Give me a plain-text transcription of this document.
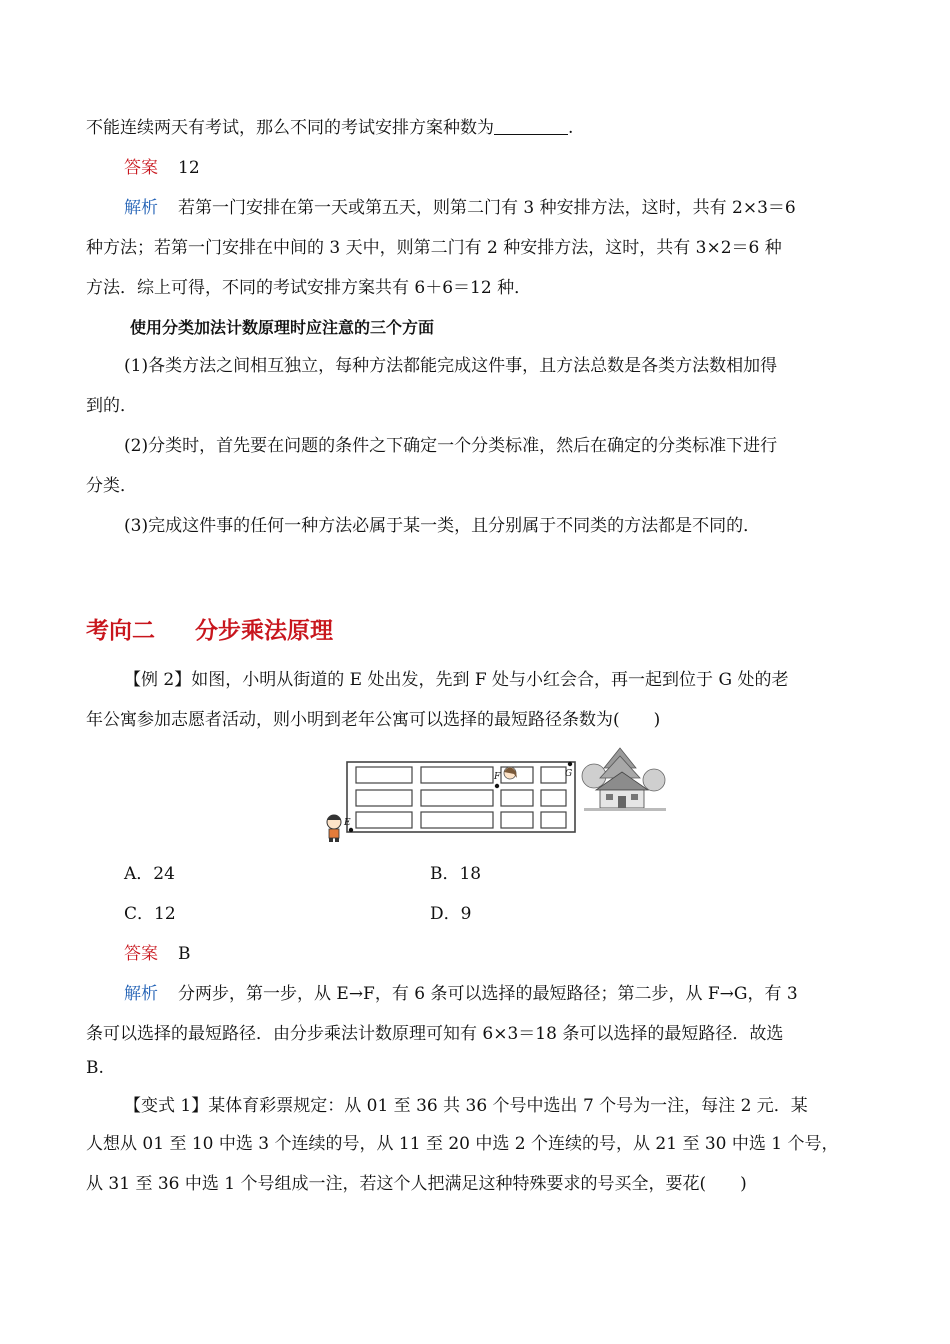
不能连续两天有考试，那么不同的考试安排方案种数为	.
答案 12
解析 若第一门安排在第一天或第五天，则第二门有 3 种安排方法，这时，共有 2×3＝6
种方法；若第一门安排在中间的 3 天中，则第二门有 2 种安排方法，这时，共有 3×2＝6 种
方法．综上可得，不同的考试安排方案共有 6＋6＝12 种．
使用分类加法计数原理时应注意的三个方面
(1)各类方法之间相互独立，每种方法都能完成这件事，且方法总数是各类方法数相加得
到的．
(2)分类时，首先要在问题的条件之下确定一个分类标准，然后在确定的分类标准下进行
分类．
(3)完成这件事的任何一种方法必属于某一类，且分别属于不同类的方法都是不同的．
考向二 分步乘法原理
【例 2】如图，小明从街道的 E 处出发，先到 F 处与小红会合，再一起到位于 G 处的老
年公寓参加志愿者活动，则小明到老年公寓可以选择的最短路径条数为(　　)
E
F	G
A．24	B．18
C．12	D．9
答案 B
解析 分两步，第一步，从 E→F，有 6 条可以选择的最短路径；第二步，从 F→G，有 3
条可以选择的最短路径．由分步乘法计数原理可知有 6×3＝18 条可以选择的最短路径．故选
B.
【变式 1】某体育彩票规定：从 01 至 36 共 36 个号中选出 7 个号为一注，每注 2 元．某
人想从 01 至 10 中选 3 个连续的号，从 11 至 20 中选 2 个连续的号，从 21 至 30 中选 1 个号，
从 31 至 36 中选 1 个号组成一注，若这个人把满足这种特殊要求的号买全，要花(　　)
